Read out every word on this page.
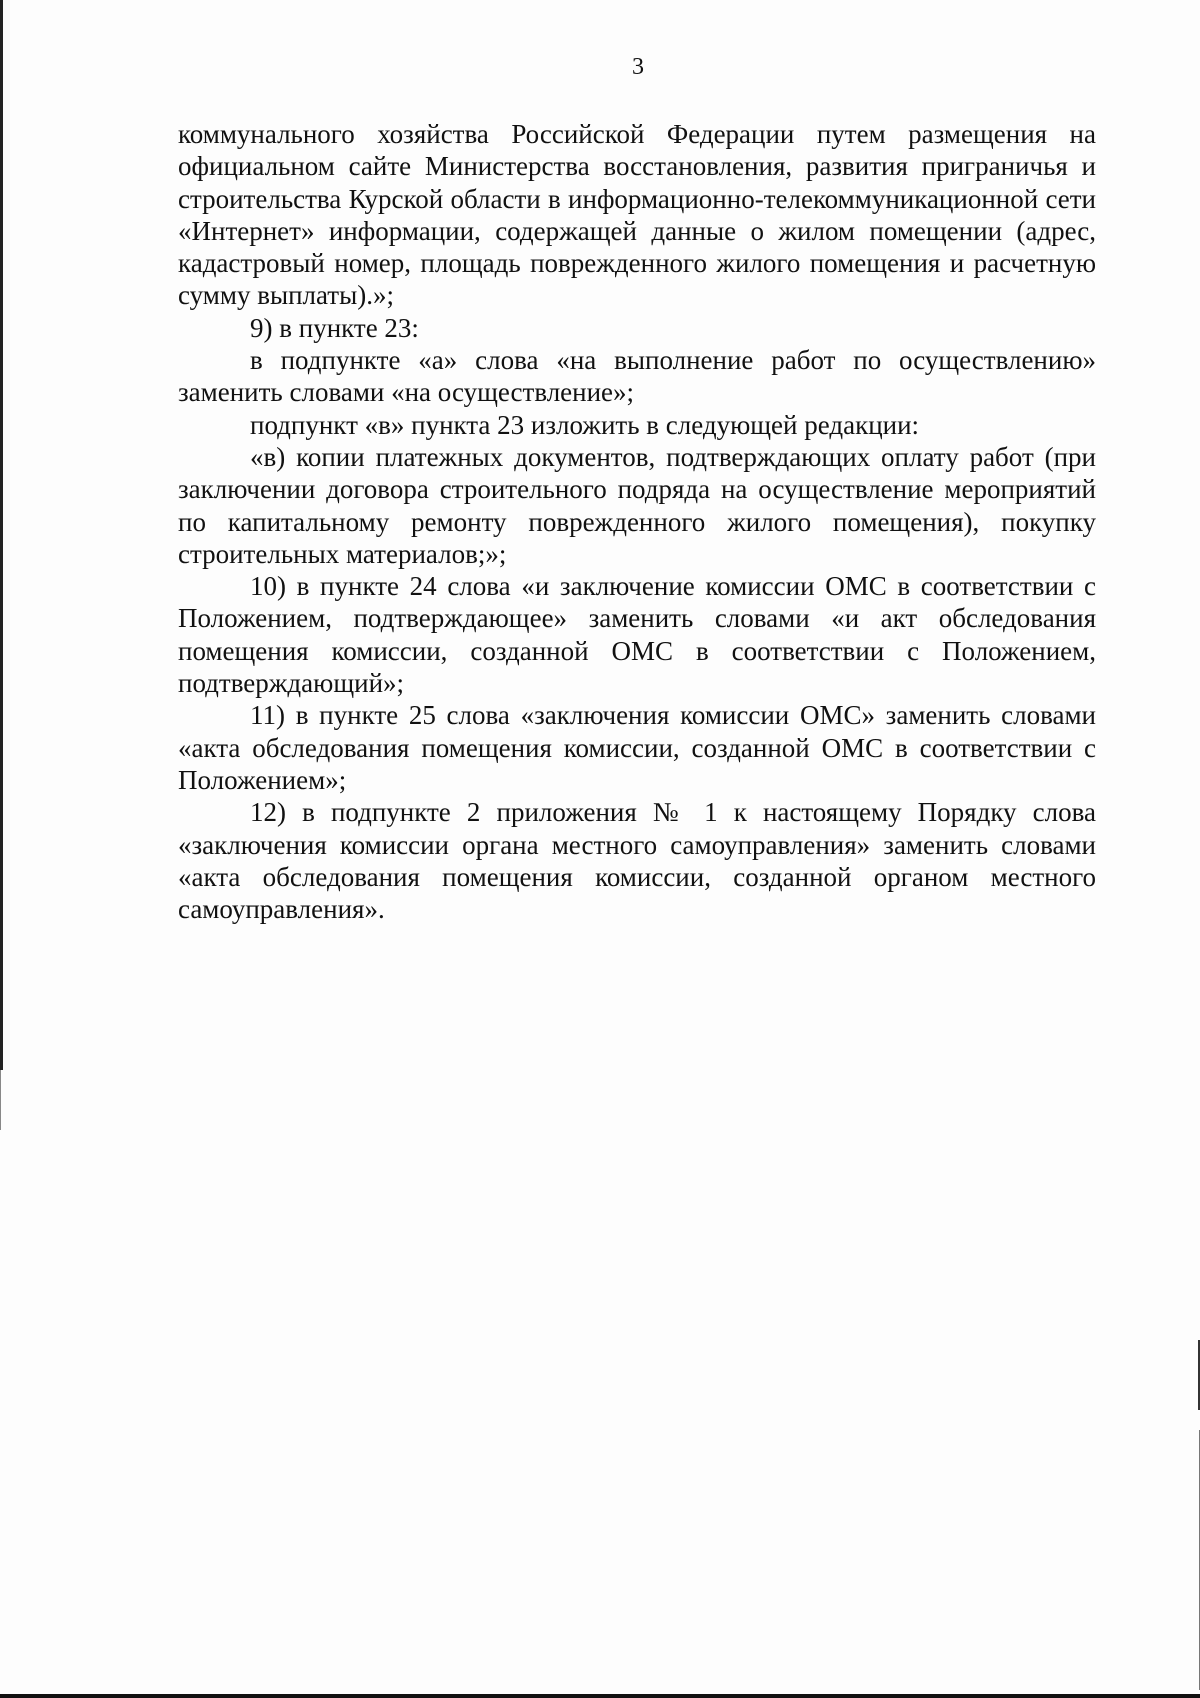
3

коммунального хозяйства Российской Федерации путем размещения на официальном сайте Министерства восстановления, развития приграничья и строительства Курской области в информационно-телекоммуникационной сети «Интернет» информации, содержащей данные о жилом помещении (адрес, кадастровый номер, площадь поврежденного жилого помещения и расчетную сумму выплаты).»;

9) в пункте 23:

в подпункте «а» слова «на выполнение работ по осуществлению» заменить словами «на осуществление»;

подпункт «в» пункта 23 изложить в следующей редакции:

«в) копии платежных документов, подтверждающих оплату работ (при заключении договора строительного подряда на осуществление мероприятий по капитальному ремонту поврежденного жилого помещения), покупку строительных материалов;»;

10) в пункте 24 слова «и заключение комиссии ОМС в соответствии с Положением, подтверждающее» заменить словами «и акт обследования помещения комиссии, созданной ОМС в соответствии с Положением, подтверждающий»;

11) в пункте 25 слова «заключения комиссии ОМС» заменить словами «акта обследования помещения комиссии, созданной ОМС в соответствии с Положением»;

12) в подпункте 2 приложения № 1 к настоящему Порядку слова «заключения комиссии органа местного самоуправления» заменить словами «акта обследования помещения комиссии, созданной органом местного самоуправления».
